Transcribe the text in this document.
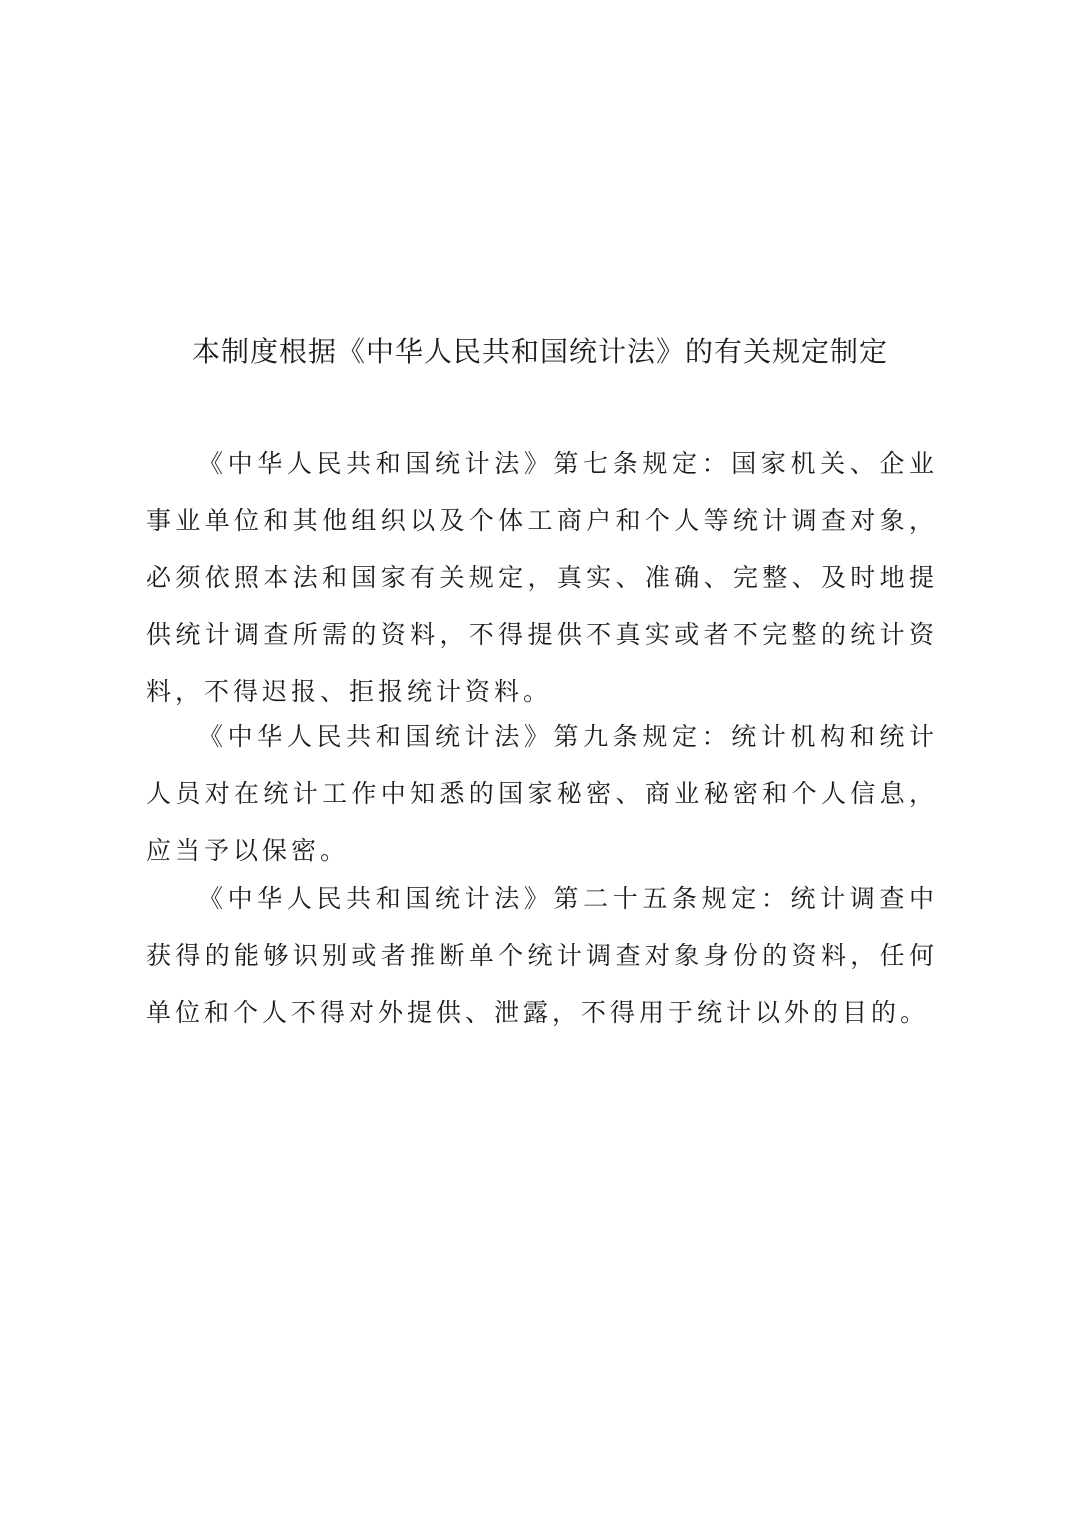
本制度根据《中华人民共和国统计法》的有关规定制定

《中华人民共和国统计法》第七条规定：国家机关、企业事业单位和其他组织以及个体工商户和个人等统计调查对象，必须依照本法和国家有关规定，真实、准确、完整、及时地提供统计调查所需的资料，不得提供不真实或者不完整的统计资料，不得迟报、拒报统计资料。

《中华人民共和国统计法》第九条规定：统计机构和统计人员对在统计工作中知悉的国家秘密、商业秘密和个人信息，应当予以保密。

《中华人民共和国统计法》第二十五条规定：统计调查中获得的能够识别或者推断单个统计调查对象身份的资料，任何单位和个人不得对外提供、泄露，不得用于统计以外的目的。
